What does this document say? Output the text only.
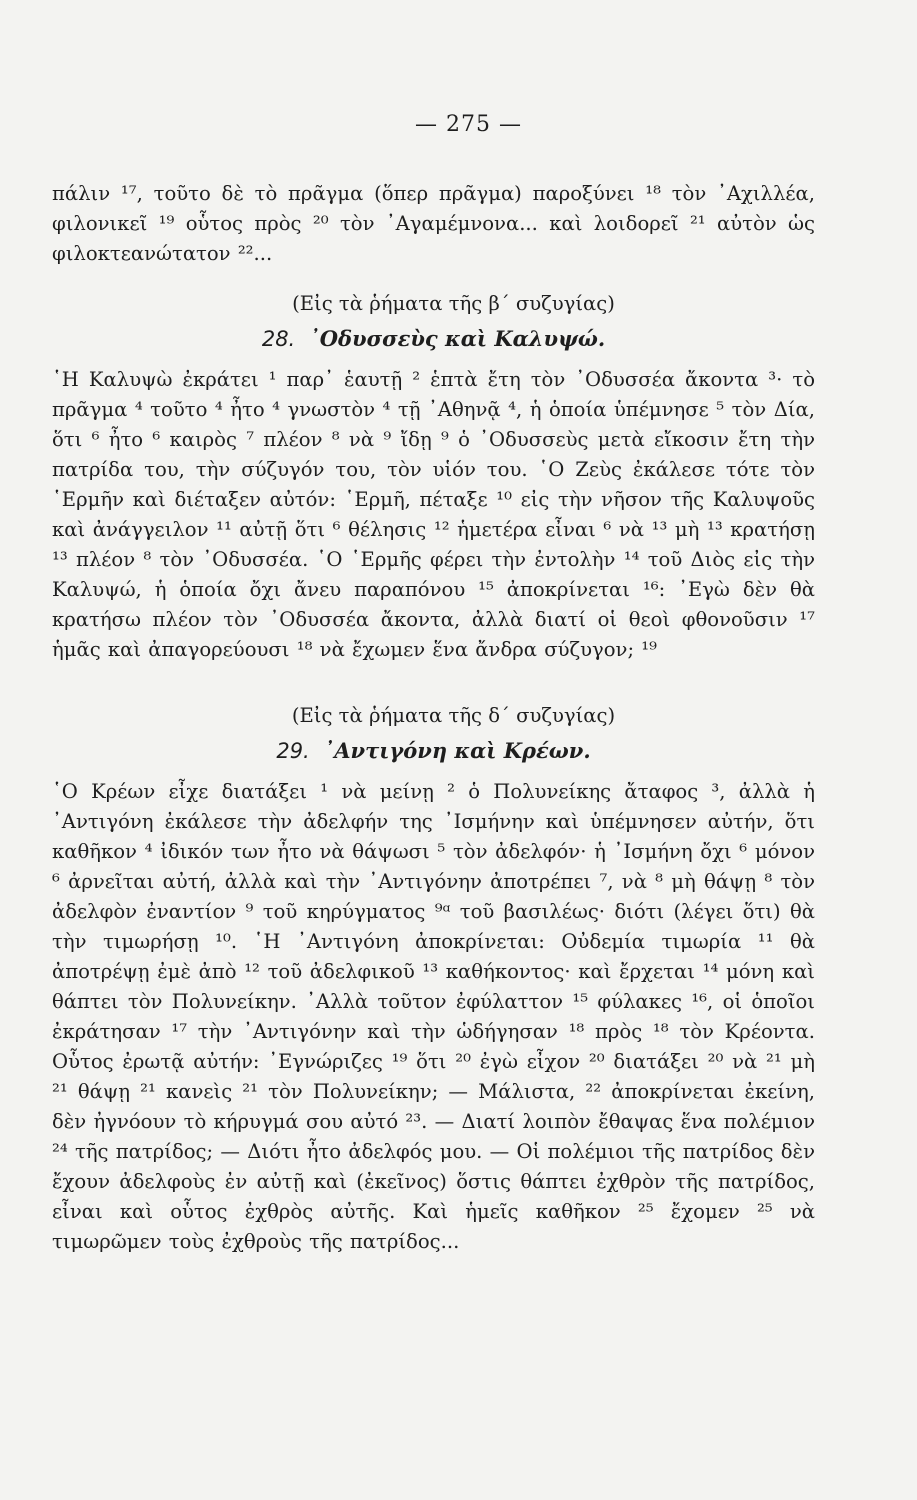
— 275 —

πάλιν ¹⁷, τοῦτο δὲ τὸ πρᾶγμα (ὅπερ πρᾶγμα) παροξύνει ¹⁸ τὸν ᾿Αχιλλέα, φιλονικεῖ ¹⁹ οὗτος πρὸς ²⁰ τὸν ᾿Αγαμέμνονα... καὶ λοιδορεῖ ²¹ αὐτὸν ὡς φιλοκτεανώτατον ²²...

(Εἰς τὰ ῥήματα τῆς β΄ συζυγίας)
28. ᾿Οδυσσεὺς καὶ Καλυψώ.

῾Η Καλυψὼ ἐκράτει ¹ παρ᾿ ἑαυτῇ ² ἑπτὰ ἔτη τὸν ᾿Οδυσσέα ἄκοντα ³· τὸ πρᾶγμα ⁴ τοῦτο ⁴ ἦτο ⁴ γνωστὸν ⁴ τῇ ᾿Αθηνᾷ ⁴, ἡ ὁποία ὑπέμνησε ⁵ τὸν Δία, ὅτι ⁶ ἦτο ⁶ καιρὸς ⁷ πλέον ⁸ νὰ ⁹ ἴδῃ ⁹ ὁ ᾿Οδυσσεὺς μετὰ εἴκοσιν ἔτη τὴν πατρίδα του, τὴν σύζυγόν του, τὸν υἱόν του. ῾Ο Ζεὺς ἐκάλεσε τότε τὸν ῾Ερμῆν καὶ διέταξεν αὐτόν: ῾Ερμῆ, πέταξε ¹⁰ εἰς τὴν νῆσον τῆς Καλυψοῦς καὶ ἀνάγγειλον ¹¹ αὐτῇ ὅτι ⁶ θέλησις ¹² ἡμετέρα εἶναι ⁶ νὰ ¹³ μὴ ¹³ κρατήσῃ ¹³ πλέον ⁸ τὸν ᾿Οδυσσέα. ῾Ο ῾Ερμῆς φέρει τὴν ἐντολὴν ¹⁴ τοῦ Διὸς εἰς τὴν Καλυψώ, ἡ ὁποία ὄχι ἄνευ παραπόνου ¹⁵ ἀποκρίνεται ¹⁶: ᾿Εγὼ δὲν θὰ κρατήσω πλέον τὸν ᾿Οδυσσέα ἄκοντα, ἀλλὰ διατί οἱ θεοὶ φθονοῦσιν ¹⁷ ἡμᾶς καὶ ἀπαγορεύουσι ¹⁸ νὰ ἔχωμεν ἕνα ἄνδρα σύζυγον; ¹⁹

(Εἰς τὰ ῥήματα τῆς δ΄ συζυγίας)
29. ᾿Αντιγόνη καὶ Κρέων.

῾Ο Κρέων εἶχε διατάξει ¹ νὰ μείνῃ ² ὁ Πολυνείκης ἄταφος ³, ἀλλὰ ἡ ᾿Αντιγόνη ἐκάλεσε τὴν ἀδελφήν της ᾿Ισμήνην καὶ ὑπέμνησεν αὐτήν, ὅτι καθῆκον ⁴ ἰδικόν των ἦτο νὰ θάψωσι ⁵ τὸν ἀδελφόν· ἡ ᾿Ισμήνη ὄχι ⁶ μόνον ⁶ ἀρνεῖται αὐτή, ἀλλὰ καὶ τὴν ᾿Αντιγόνην ἀποτρέπει ⁷, νὰ ⁸ μὴ θάψῃ ⁸ τὸν ἀδελφὸν ἐναντίον ⁹ τοῦ κηρύγματος ⁹ᵅ τοῦ βασιλέως· διότι (λέγει ὅτι) θὰ τὴν τιμωρήσῃ ¹⁰. ῾Η ᾿Αντιγόνη ἀποκρίνεται: Οὐδεμία τιμωρία ¹¹ θὰ ἀποτρέψῃ ἐμὲ ἀπὸ ¹² τοῦ ἀδελφικοῦ ¹³ καθήκοντος· καὶ ἔρχεται ¹⁴ μόνη καὶ θάπτει τὸν Πολυνείκην. ᾿Αλλὰ τοῦτον ἐφύλαττον ¹⁵ φύλακες ¹⁶, οἱ ὁποῖοι ἐκράτησαν ¹⁷ τὴν ᾿Αντιγόνην καὶ τὴν ὡδήγησαν ¹⁸ πρὸς ¹⁸ τὸν Κρέοντα. Οὗτος ἐρωτᾷ αὐτήν: ᾿Εγνώριζες ¹⁹ ὅτι ²⁰ ἐγὼ εἶχον ²⁰ διατάξει ²⁰ νὰ ²¹ μὴ ²¹ θάψῃ ²¹ κανεὶς ²¹ τὸν Πολυνείκην; — Μάλιστα, ²² ἀποκρίνεται ἐκείνη, δὲν ἠγνόουν τὸ κήρυγμά σου αὐτό ²³. — Διατί λοιπὸν ἔθαψας ἕνα πολέμιον ²⁴ τῆς πατρίδος; — Διότι ἦτο ἀδελφός μου. — Οἱ πολέμιοι τῆς πατρίδος δὲν ἔχουν ἀδελφοὺς ἐν αὐτῇ καὶ (ἐκεῖνος) ὅστις θάπτει ἐχθρὸν τῆς πατρίδος, εἶναι καὶ οὗτος ἐχθρὸς αὐτῆς. Καὶ ἡμεῖς καθῆκον ²⁵ ἔχομεν ²⁵ νὰ τιμωρῶμεν τοὺς ἐχθροὺς τῆς πατρίδος...
